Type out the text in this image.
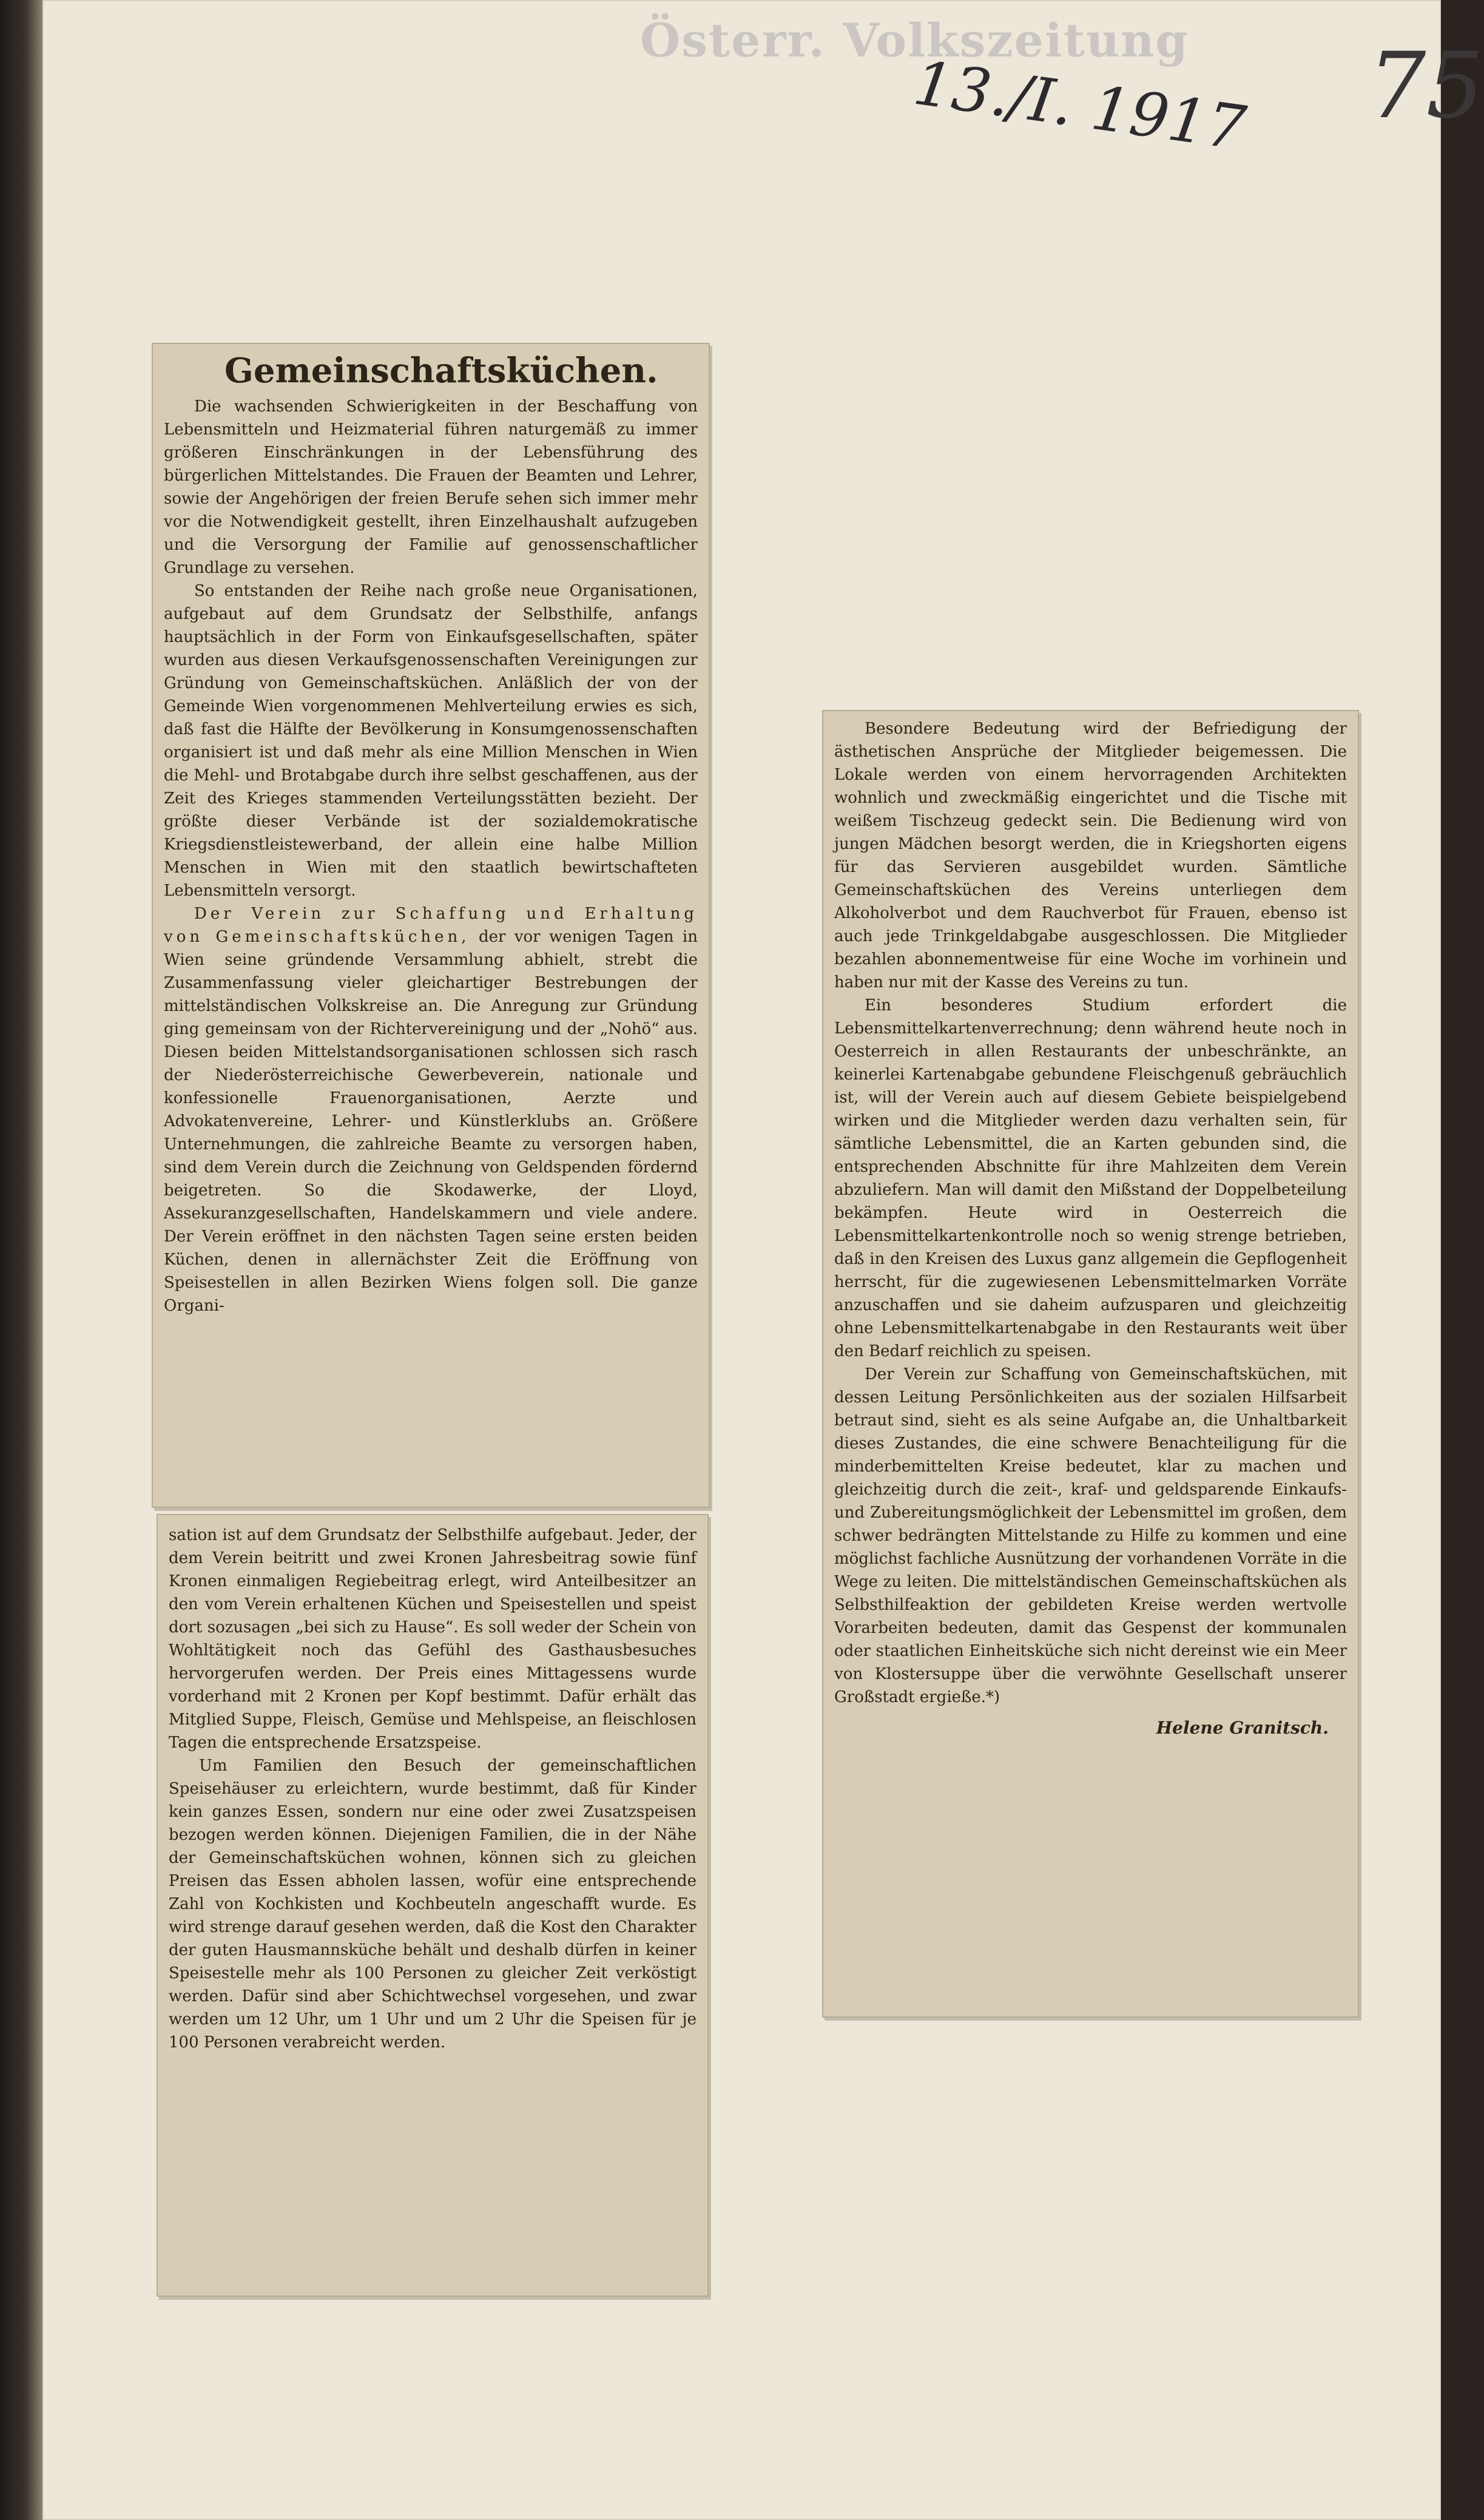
Österr. Volkszeitung
13./I. 1917 75
Gemeinschaftsküchen.

Die wachsenden Schwierigkeiten in der Beschaffung von Lebensmitteln und Heizmaterial führen naturgemäß zu immer größeren Einschränkungen in der Lebensführung des bürgerlichen Mittelstandes. Die Frauen der Beamten und Lehrer, sowie der Angehörigen der freien Berufe sehen sich immer mehr vor die Notwendigkeit gestellt, ihren Einzelhaushalt aufzugeben und die Versorgung der Familie auf genossenschaftlicher Grundlage zu versehen.

So entstanden der Reihe nach große neue Organisationen, aufgebaut auf dem Grundsatz der Selbsthilfe, anfangs hauptsächlich in der Form von Einkaufsgesellschaften, später wurden aus diesen Verkaufsgenossenschaften Vereinigungen zur Gründung von Gemeinschaftsküchen. Anläßlich der von der Gemeinde Wien vorgenommenen Mehlverteilung erwies es sich, daß fast die Hälfte der Bevölkerung in Konsumgenossenschaften organisiert ist und daß mehr als eine Million Menschen in Wien die Mehl- und Brotabgabe durch ihre selbst geschaffenen, aus der Zeit des Krieges stammenden Verteilungsstätten bezieht. Der größte dieser Verbände ist der sozialdemokratische Kriegsdienstleistewerband, der allein eine halbe Million Menschen in Wien mit den staatlich bewirtschafteten Lebensmitteln versorgt.

Der Verein zur Schaffung und Erhaltung von Gemeinschaftsküchen, der vor wenigen Tagen in Wien seine gründende Versammlung abhielt, strebt die Zusammenfassung vieler gleichartiger Bestrebungen der mittelständischen Volkskreise an. Die Anregung zur Gründung ging gemeinsam von der Richtervereinigung und der „Nohö“ aus. Diesen beiden Mittelstandsorganisationen schlossen sich rasch der Niederösterreichische Gewerbeverein, nationale und konfessionelle Frauenorganisationen, Aerzte und Advokatenvereine, Lehrer- und Künstlerklubs an. Größere Unternehmungen, die zahlreiche Beamte zu versorgen haben, sind dem Verein durch die Zeichnung von Geldspenden fördernd beigetreten. So die Skodawerke, der Lloyd, Assekuranzgesellschaften, Handelskammern und viele andere. Der Verein eröffnet in den nächsten Tagen seine ersten beiden Küchen, denen in allernächster Zeit die Eröffnung von Speisestellen in allen Bezirken Wiens folgen soll. Die ganze Organi-

sation ist auf dem Grundsatz der Selbsthilfe aufgebaut. Jeder, der dem Verein beitritt und zwei Kronen Jahresbeitrag sowie fünf Kronen einmaligen Regiebeitrag erlegt, wird Anteilbesitzer an den vom Verein erhaltenen Küchen und Speisestellen und speist dort sozusagen „bei sich zu Hause“. Es soll weder der Schein von Wohltätigkeit noch das Gefühl des Gasthausbesuches hervorgerufen werden. Der Preis eines Mittagessens wurde vorderhand mit 2 Kronen per Kopf bestimmt. Dafür erhält das Mitglied Suppe, Fleisch, Gemüse und Mehlspeise, an fleischlosen Tagen die entsprechende Ersatzspeise.

Um Familien den Besuch der gemeinschaftlichen Speisehäuser zu erleichtern, wurde bestimmt, daß für Kinder kein ganzes Essen, sondern nur eine oder zwei Zusatzspeisen bezogen werden können. Diejenigen Familien, die in der Nähe der Gemeinschaftsküchen wohnen, können sich zu gleichen Preisen das Essen abholen lassen, wofür eine entsprechende Zahl von Kochkisten und Kochbeuteln angeschafft wurde. Es wird strenge darauf gesehen werden, daß die Kost den Charakter der guten Hausmannsküche behält und deshalb dürfen in keiner Speisestelle mehr als 100 Personen zu gleicher Zeit verköstigt werden. Dafür sind aber Schichtwechsel vorgesehen, und zwar werden um 12 Uhr, um 1 Uhr und um 2 Uhr die Speisen für je 100 Personen verabreicht werden.

Besondere Bedeutung wird der Befriedigung der ästhetischen Ansprüche der Mitglieder beigemessen. Die Lokale werden von einem hervorragenden Architekten wohnlich und zweckmäßig eingerichtet und die Tische mit weißem Tischzeug gedeckt sein. Die Bedienung wird von jungen Mädchen besorgt werden, die in Kriegshorten eigens für das Servieren ausgebildet wurden. Sämtliche Gemeinschaftsküchen des Vereins unterliegen dem Alkoholverbot und dem Rauchverbot für Frauen, ebenso ist auch jede Trinkgeldabgabe ausgeschlossen. Die Mitglieder bezahlen abonnementweise für eine Woche im vorhinein und haben nur mit der Kasse des Vereins zu tun.

Ein besonderes Studium erfordert die Lebensmittelkartenverrechnung; denn während heute noch in Oesterreich in allen Restaurants der unbeschränkte, an keinerlei Kartenabgabe gebundene Fleischgenuß gebräuchlich ist, will der Verein auch auf diesem Gebiete beispielgebend wirken und die Mitglieder werden dazu verhalten sein, für sämtliche Lebensmittel, die an Karten gebunden sind, die entsprechenden Abschnitte für ihre Mahlzeiten dem Verein abzuliefern. Man will damit den Mißstand der Doppelbeteilung bekämpfen. Heute wird in Oesterreich die Lebensmittelkartenkontrolle noch so wenig strenge betrieben, daß in den Kreisen des Luxus ganz allgemein die Gepflogenheit herrscht, für die zugewiesenen Lebensmittelmarken Vorräte anzuschaffen und sie daheim aufzusparen und gleichzeitig ohne Lebensmittelkartenabgabe in den Restaurants weit über den Bedarf reichlich zu speisen.

Der Verein zur Schaffung von Gemeinschaftsküchen, mit dessen Leitung Persönlichkeiten aus der sozialen Hilfsarbeit betraut sind, sieht es als seine Aufgabe an, die Unhaltbarkeit dieses Zustandes, die eine schwere Benachteiligung für die minderbemittelten Kreise bedeutet, klar zu machen und gleichzeitig durch die zeit-, kraf- und geldsparende Einkaufs- und Zubereitungsmöglichkeit der Lebensmittel im großen, dem schwer bedrängten Mittelstande zu Hilfe zu kommen und eine möglichst fachliche Ausnützung der vorhandenen Vorräte in die Wege zu leiten. Die mittelständischen Gemeinschaftsküchen als Selbsthilfeaktion der gebildeten Kreise werden wertvolle Vorarbeiten bedeuten, damit das Gespenst der kommunalen oder staatlichen Einheitsküche sich nicht dereinst wie ein Meer von Klostersuppe über die verwöhnte Gesellschaft unserer Großstadt ergieße.*)

Helene Granitsch.
